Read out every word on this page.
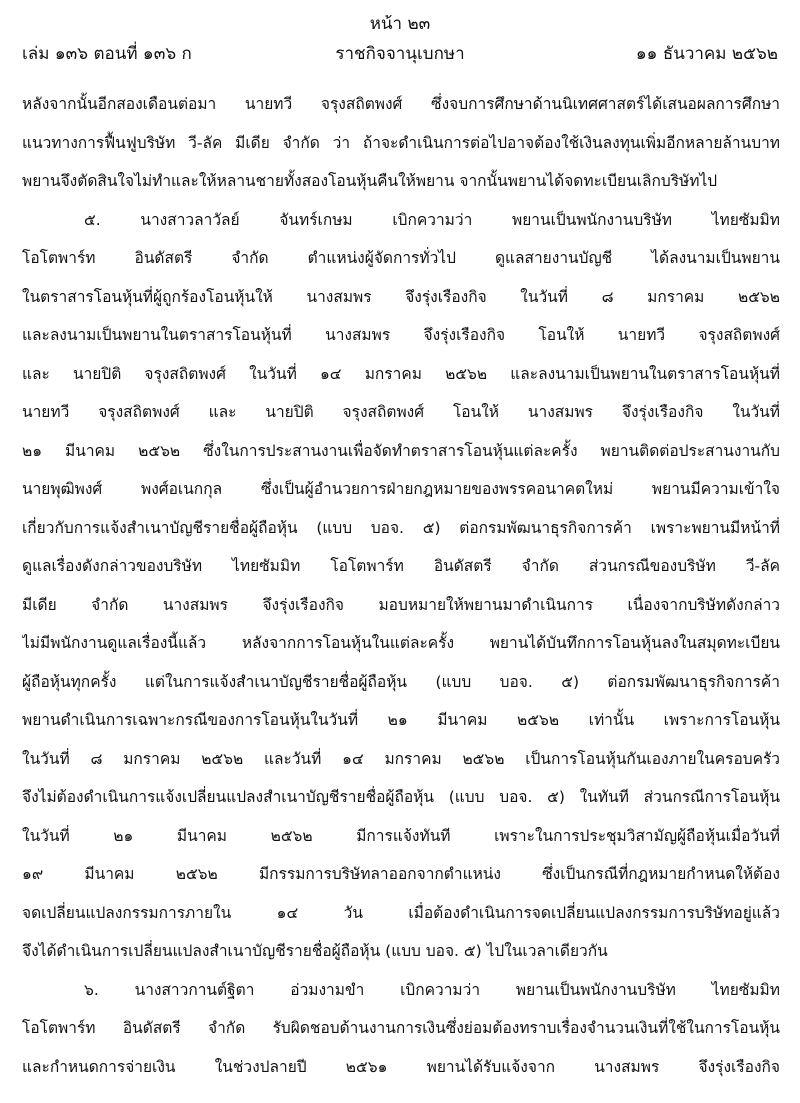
หน้า ๒๓
เล่ม ๑๓๖ ตอนที่ ๑๓๖ ก	ราชกิจจานุเบกษา	๑๑ ธันวาคม ๒๕๖๒
หลังจากนั้นอีกสองเดือนต่อมา นายทวี จรุงสถิตพงศ์ ซึ่งจบการศึกษาด้านนิเทศศาสตร์ได้เสนอผลการศึกษา
แนวทางการฟื้นฟูบริษัท วี-ลัค มีเดีย จำกัด ว่า ถ้าจะดำเนินการต่อไปอาจต้องใช้เงินลงทุนเพิ่มอีกหลายล้านบาท
พยานจึงตัดสินใจไม่ทำและให้หลานชายทั้งสองโอนหุ้นคืนให้พยาน จากนั้นพยานได้จดทะเบียนเลิกบริษัทไป
๕. นางสาวลาวัลย์ จันทร์เกษม เบิกความว่า พยานเป็นพนักงานบริษัท ไทยซัมมิท
โอโตพาร์ท อินดัสตรี จำกัด ตำแหน่งผู้จัดการทั่วไป ดูแลสายงานบัญชี ได้ลงนามเป็นพยาน
ในตราสารโอนหุ้นที่ผู้ถูกร้องโอนหุ้นให้ นางสมพร จึงรุ่งเรืองกิจ ในวันที่ ๘ มกราคม ๒๕๖๒
และลงนามเป็นพยานในตราสารโอนหุ้นที่ นางสมพร จึงรุ่งเรืองกิจ โอนให้ นายทวี จรุงสถิตพงศ์
และ นายปิติ จรุงสถิตพงศ์ ในวันที่ ๑๔ มกราคม ๒๕๖๒ และลงนามเป็นพยานในตราสารโอนหุ้นที่
นายทวี จรุงสถิตพงศ์ และ นายปิติ จรุงสถิตพงศ์ โอนให้ นางสมพร จึงรุ่งเรืองกิจ ในวันที่
๒๑ มีนาคม ๒๕๖๒ ซึ่งในการประสานงานเพื่อจัดทำตราสารโอนหุ้นแต่ละครั้ง พยานติดต่อประสานงานกับ
นายพุฒิพงศ์ พงศ์อเนกกุล ซึ่งเป็นผู้อำนวยการฝ่ายกฎหมายของพรรคอนาคตใหม่ พยานมีความเข้าใจ
เกี่ยวกับการแจ้งสำเนาบัญชีรายชื่อผู้ถือหุ้น (แบบ บอจ. ๕) ต่อกรมพัฒนาธุรกิจการค้า เพราะพยานมีหน้าที่
ดูแลเรื่องดังกล่าวของบริษัท ไทยซัมมิท โอโตพาร์ท อินดัสตรี จำกัด ส่วนกรณีของบริษัท วี-ลัค
มีเดีย จำกัด นางสมพร จึงรุ่งเรืองกิจ มอบหมายให้พยานมาดำเนินการ เนื่องจากบริษัทดังกล่าว
ไม่มีพนักงานดูแลเรื่องนี้แล้ว หลังจากการโอนหุ้นในแต่ละครั้ง พยานได้บันทึกการโอนหุ้นลงในสมุดทะเบียน
ผู้ถือหุ้นทุกครั้ง แต่ในการแจ้งสำเนาบัญชีรายชื่อผู้ถือหุ้น (แบบ บอจ. ๕) ต่อกรมพัฒนาธุรกิจการค้า
พยานดำเนินการเฉพาะกรณีของการโอนหุ้นในวันที่ ๒๑ มีนาคม ๒๕๖๒ เท่านั้น เพราะการโอนหุ้น
ในวันที่ ๘ มกราคม ๒๕๖๒ และวันที่ ๑๔ มกราคม ๒๕๖๒ เป็นการโอนหุ้นกันเองภายในครอบครัว
จึงไม่ต้องดำเนินการแจ้งเปลี่ยนแปลงสำเนาบัญชีรายชื่อผู้ถือหุ้น (แบบ บอจ. ๕) ในทันที ส่วนกรณีการโอนหุ้น
ในวันที่ ๒๑ มีนาคม ๒๕๖๒ มีการแจ้งทันที เพราะในการประชุมวิสามัญผู้ถือหุ้นเมื่อวันที่
๑๙ มีนาคม ๒๕๖๒ มีกรรมการบริษัทลาออกจากตำแหน่ง ซึ่งเป็นกรณีที่กฎหมายกำหนดให้ต้อง
จดเปลี่ยนแปลงกรรมการภายใน ๑๔ วัน เมื่อต้องดำเนินการจดเปลี่ยนแปลงกรรมการบริษัทอยู่แล้ว
จึงได้ดำเนินการเปลี่ยนแปลงสำเนาบัญชีรายชื่อผู้ถือหุ้น (แบบ บอจ. ๕) ไปในเวลาเดียวกัน
๖. นางสาวกานต์ฐิตา อ่วมงามขำ เบิกความว่า พยานเป็นพนักงานบริษัท ไทยซัมมิท
โอโตพาร์ท อินดัสตรี จำกัด รับผิดชอบด้านงานการเงินซึ่งย่อมต้องทราบเรื่องจำนวนเงินที่ใช้ในการโอนหุ้น
และกำหนดการจ่ายเงิน ในช่วงปลายปี ๒๕๖๑ พยานได้รับแจ้งจาก นางสมพร จึงรุ่งเรืองกิจ
